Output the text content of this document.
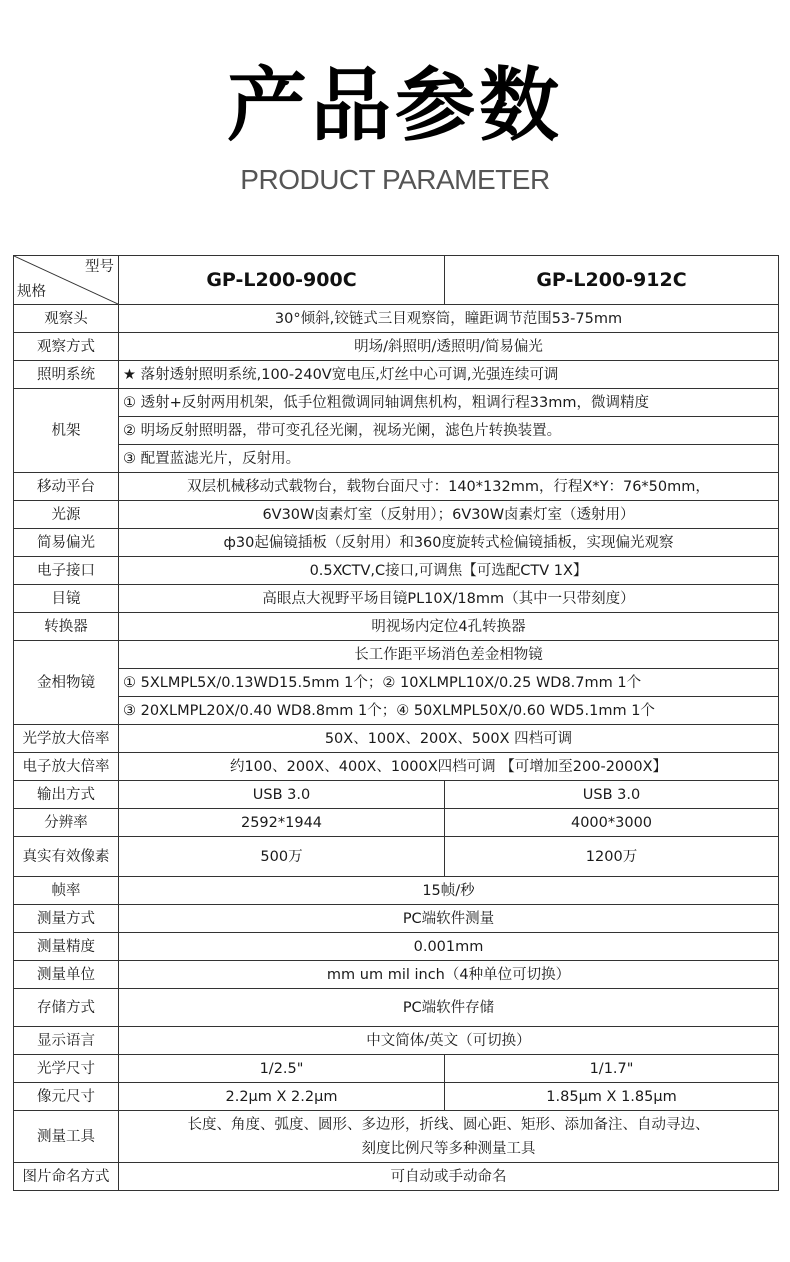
产品参数
PRODUCT PARAMETER
型号
规格	GP-L200-900C	GP-L200-912C
观察头	30°倾斜,铰链式三目观察筒，瞳距调节范围53-75mm	
观察方式	明场/斜照明/透照明/简易偏光	
照明系统	★ 落射透射照明系统,100-240V宽电压,灯丝中心可调,光强连续可调	
机架	① 透射+反射两用机架，低手位粗微调同轴调焦机构，粗调行程33mm，微调精度	
	② 明场反射照明器，带可变孔径光阑，视场光阑，滤色片转换装置。	
	③ 配置蓝滤光片，反射用。	
移动平台	双层机械移动式载物台，载物台面尺寸：140*132mm，行程X*Y：76*50mm，	
光源	6V30W卤素灯室（反射用）；6V30W卤素灯室（透射用）	
简易偏光	ф30起偏镜插板（反射用）和360度旋转式检偏镜插板，实现偏光观察	
电子接口	0.5XCTV,C接口,可调焦【可选配CTV 1X】	
目镜	高眼点大视野平场目镜PL10X/18mm（其中一只带刻度）	
转换器	明视场内定位4孔转换器	
金相物镜	长工作距平场消色差金相物镜	
	① 5XLMPL5X/0.13WD15.5mm 1个；② 10XLMPL10X/0.25 WD8.7mm 1个	
	③ 20XLMPL20X/0.40 WD8.8mm 1个；④ 50XLMPL50X/0.60 WD5.1mm 1个	
光学放大倍率	50X、100X、200X、500X 四档可调	
电子放大倍率	约100、200X、400X、1000X四档可调 【可增加至200-2000X】	
输出方式	USB 3.0	USB 3.0
分辨率	2592*1944	4000*3000
真实有效像素	500万	1200万
帧率	15帧/秒	
测量方式	PC端软件测量	
测量精度	0.001mm	
测量单位	mm um mil inch（4种单位可切换）	
存储方式	PC端软件存储	
显示语言	中文简体/英文（可切换）	
光学尺寸	1/2.5"	1/1.7"
像元尺寸	2.2μm X 2.2μm	1.85μm X 1.85μm
测量工具	长度、角度、弧度、圆形、多边形，折线、圆心距、矩形、添加备注、自动寻边、
刻度比例尺等多种测量工具	

图片命名方式	可自动或手动命名	
